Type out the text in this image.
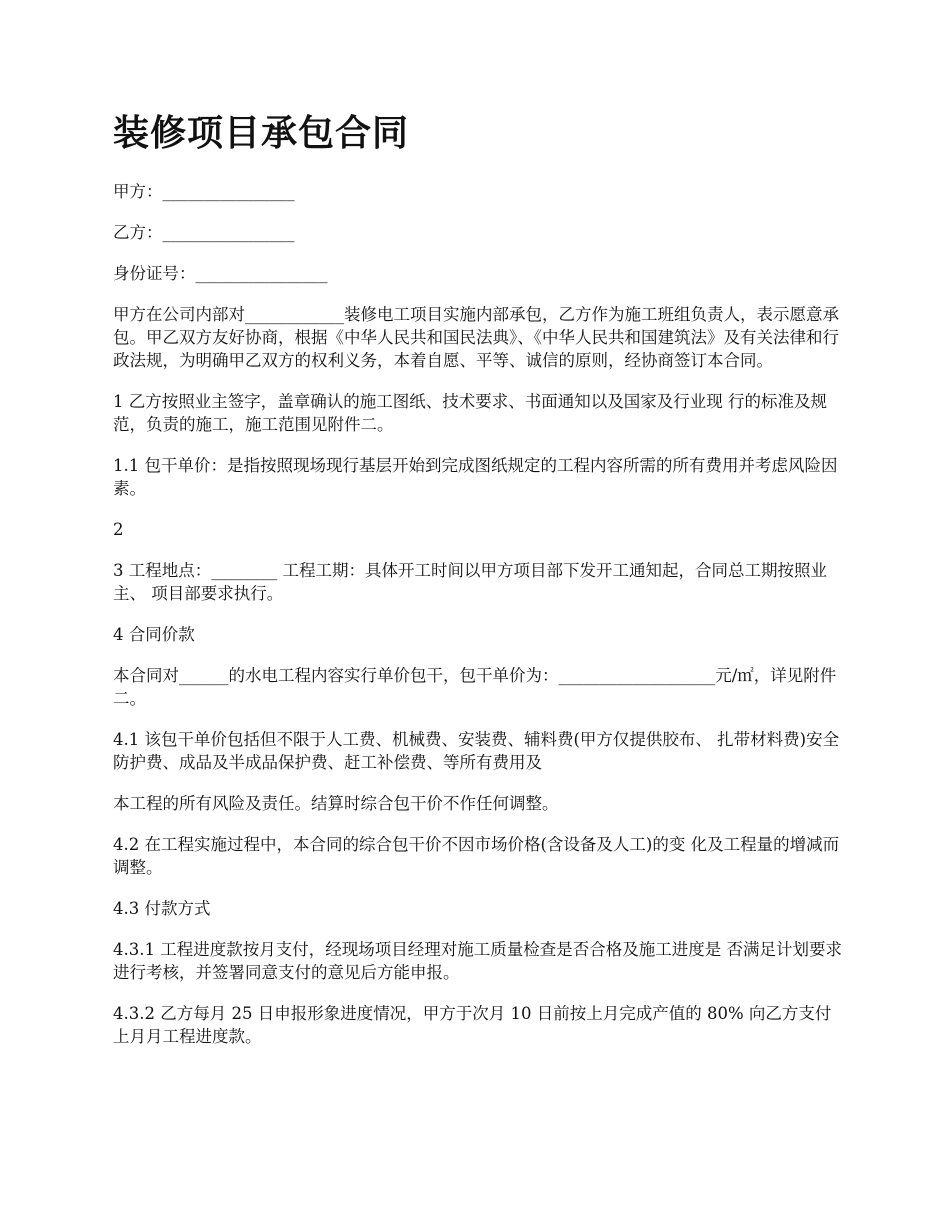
装修项目承包合同

甲方：________________

乙方：________________

身份证号：________________

甲方在公司内部对____________装修电工项目实施内部承包，乙方作为施工班组负责人，表示愿意承包。甲乙双方友好协商，根据《中华人民共和国民法典》、《中华人民共和国建筑法》及有关法律和行政法规，为明确甲乙双方的权利义务，本着自愿、平等、诚信的原则，经协商签订本合同。

1 乙方按照业主签字，盖章确认的施工图纸、技术要求、书面通知以及国家及行业现 行的标准及规范，负责的施工，施工范围见附件二。

1.1 包干单价：是指按照现场现行基层开始到完成图纸规定的工程内容所需的所有费用并考虑风险因素。

2

3 工程地点：________ 工程工期：具体开工时间以甲方项目部下发开工通知起，合同总工期按照业主、 项目部要求执行。

4 合同价款

本合同对______的水电工程内容实行单价包干，包干单价为：___________________元/㎡，详见附件二。

4.1 该包干单价包括但不限于人工费、机械费、安装费、辅料费(甲方仅提供胶布、 扎带材料费)安全防护费、成品及半成品保护费、赶工补偿费、等所有费用及

本工程的所有风险及责任。结算时综合包干价不作任何调整。

4.2 在工程实施过程中，本合同的综合包干价不因市场价格(含设备及人工)的变 化及工程量的增减而调整。

4.3 付款方式

4.3.1 工程进度款按月支付，经现场项目经理对施工质量检查是否合格及施工进度是 否满足计划要求进行考核，并签署同意支付的意见后方能申报。

4.3.2 乙方每月 25 日申报形象进度情况，甲方于次月 10 日前按上月完成产值的 80% 向乙方支付上月月工程进度款。
